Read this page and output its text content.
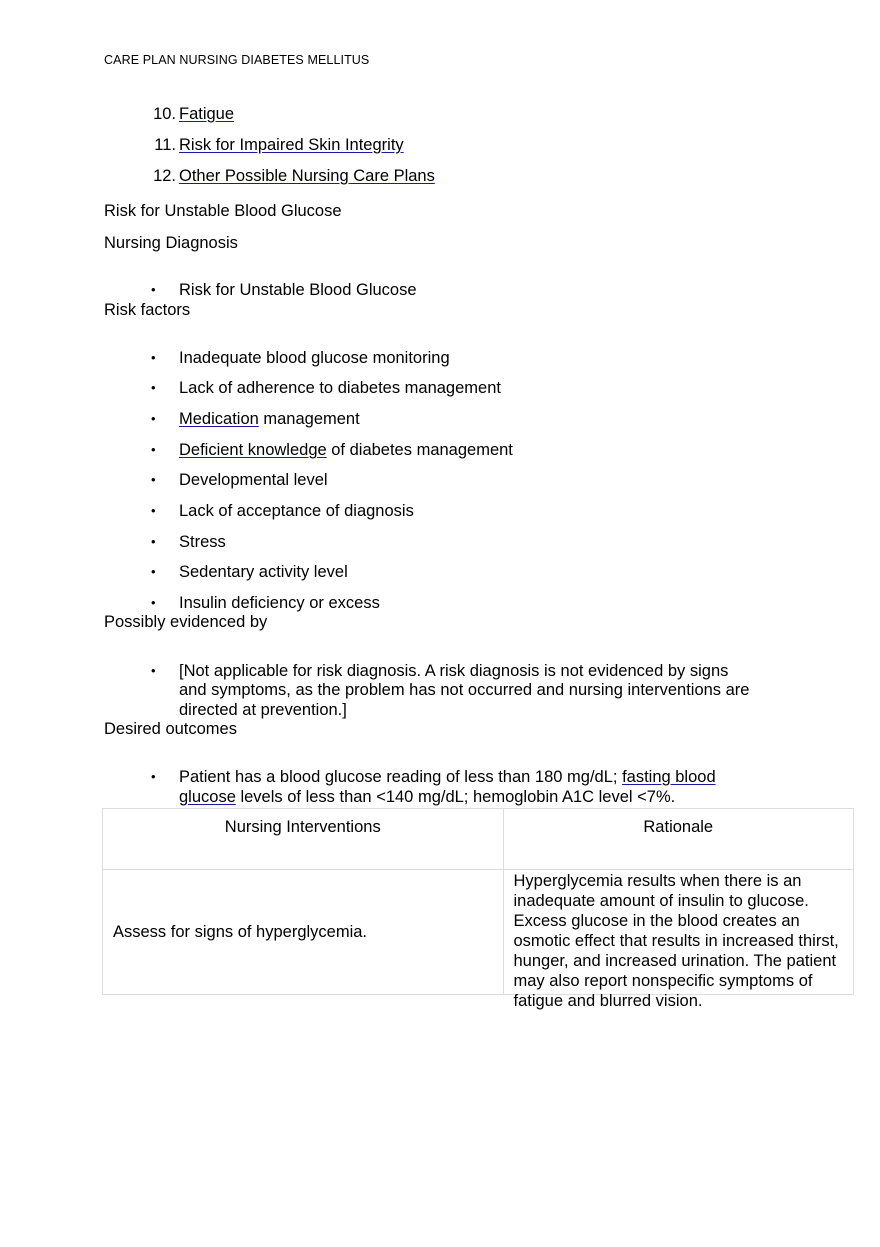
CARE PLAN NURSING DIABETES MELLITUS
10. Fatigue
11. Risk for Impaired Skin Integrity
12. Other Possible Nursing Care Plans
Risk for Unstable Blood Glucose
Nursing Diagnosis
• Risk for Unstable Blood Glucose
Risk factors
• Inadequate blood glucose monitoring
• Lack of adherence to diabetes management
• Medication management
• Deficient knowledge of diabetes management
• Developmental level
• Lack of acceptance of diagnosis
• Stress
• Sedentary activity level
• Insulin deficiency or excess
Possibly evidenced by
• [Not applicable for risk diagnosis. A risk diagnosis is not evidenced by signs
and symptoms, as the problem has not occurred and nursing interventions are
directed at prevention.]
Desired outcomes
• Patient has a blood glucose reading of less than 180 mg/dL; fasting blood
glucose levels of less than <140 mg/dL; hemoglobin A1C level <7%.
Nursing Interventions	Rationale

Assess for signs of hyperglycemia.	Hyperglycemia results when there is an inadequate amount of insulin to glucose. Excess glucose in the blood creates an osmotic effect that results in increased thirst, hunger, and increased urination. The patient may also report nonspecific symptoms of fatigue and blurred vision.
